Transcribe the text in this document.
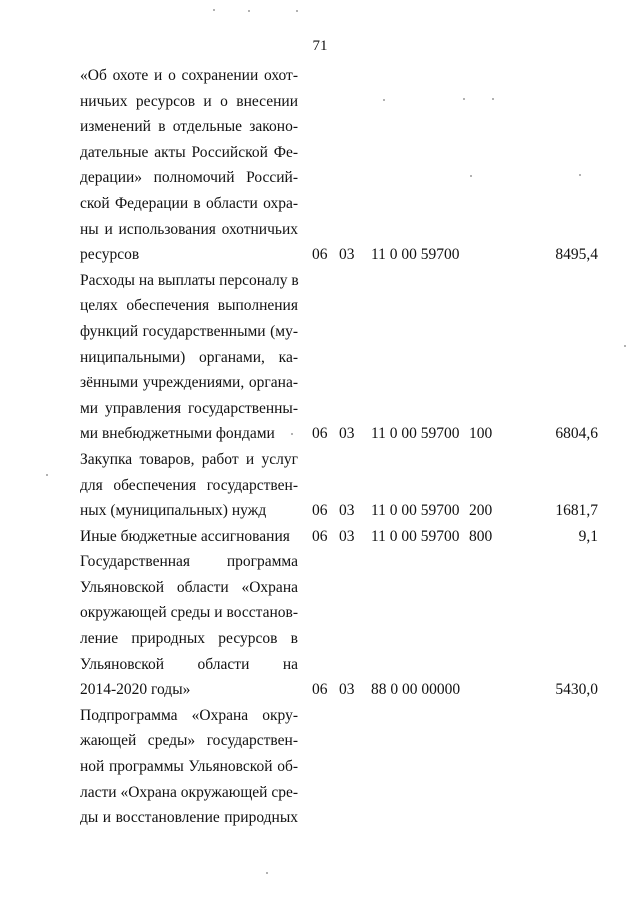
71
«Об охоте и о сохранении охот-
ничьих ресурсов и о внесении
изменений в отдельные законо-
дательные акты Российской Фе-
дерации» полномочий Россий-
ской Федерации в области охра-
ны и использования охотничьих
ресурсов	06 03 11 0 00 59700	8495,4
Расходы на выплаты персоналу в
целях обеспечения выполнения
функций государственными (му-
ниципальными) органами, ка-
зёнными учреждениями, органа-
ми управления государственны-
ми внебюджетными фондами	06 03 11 0 00 59700 100	6804,6
Закупка товаров, работ и услуг
для обеспечения государствен-
ных (муниципальных) нужд	06 03 11 0 00 59700 200	1681,7
Иные бюджетные ассигнования	06 03 11 0 00 59700 800	9,1
Государственная программа
Ульяновской области «Охрана
окружающей среды и восстанов-
ление природных ресурсов в
Ульяновской области на
2014-2020 годы»	06 03 88 0 00 00000	5430,0
Подпрограмма «Охрана окру-
жающей среды» государствен-
ной программы Ульяновской об-
ласти «Охрана окружающей сре-
ды и восстановление природных
